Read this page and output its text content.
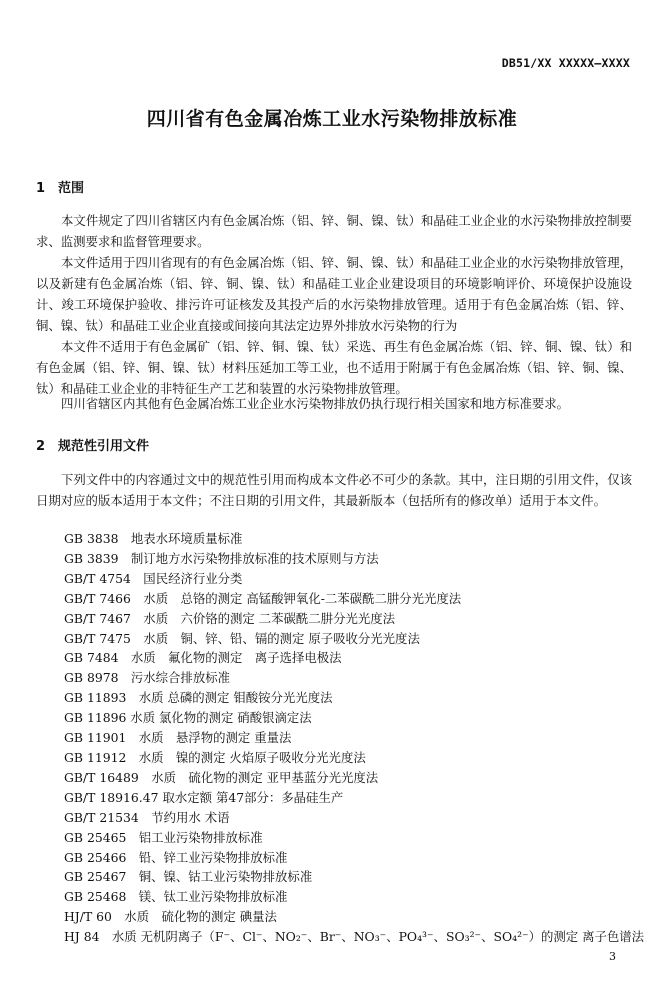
DB51/XX XXXXX—XXXX
四川省有色金属冶炼工业水污染物排放标准
1 范围
本文件规定了四川省辖区内有色金属冶炼（铝、锌、铜、镍、钛）和晶硅工业企业的水污染物排放控制要求、监测要求和监督管理要求。
本文件适用于四川省现有的有色金属冶炼（铝、锌、铜、镍、钛）和晶硅工业企业的水污染物排放管理，以及新建有色金属冶炼（铝、锌、铜、镍、钛）和晶硅工业企业建设项目的环境影响评价、环境保护设施设计、竣工环境保护验收、排污许可证核发及其投产后的水污染物排放管理。适用于有色金属冶炼（铝、锌、铜、镍、钛）和晶硅工业企业直接或间接向其法定边界外排放水污染物的行为
本文件不适用于有色金属矿（铝、锌、铜、镍、钛）采选、再生有色金属冶炼（铝、锌、铜、镍、钛）和有色金属（铝、锌、铜、镍、钛）材料压延加工等工业，也不适用于附属于有色金属冶炼（铝、锌、铜、镍、钛）和晶硅工业企业的非特征生产工艺和装置的水污染物排放管理。
四川省辖区内其他有色金属冶炼工业企业水污染物排放仍执行现行相关国家和地方标准要求。
2 规范性引用文件
下列文件中的内容通过文中的规范性引用而构成本文件必不可少的条款。其中，注日期的引用文件，仅该日期对应的版本适用于本文件；不注日期的引用文件，其最新版本（包括所有的修改单）适用于本文件。
GB 3838　地表水环境质量标准
GB 3839　制订地方水污染物排放标准的技术原则与方法
GB/T 4754　国民经济行业分类
GB/T 7466　水质　总铬的测定 高锰酸钾氧化-二苯碳酰二肼分光光度法
GB/T 7467　水质　六价铬的测定 二苯碳酰二肼分光光度法
GB/T 7475　水质　铜、锌、铅、镉的测定 原子吸收分光光度法
GB 7484　水质　氟化物的测定　离子选择电极法
GB 8978　污水综合排放标准
GB 11893　水质 总磷的测定 钼酸铵分光光度法
GB 11896 水质 氯化物的测定 硝酸银滴定法
GB 11901　水质　悬浮物的测定 重量法
GB 11912　水质　镍的测定 火焰原子吸收分光光度法
GB/T 16489　水质　硫化物的测定 亚甲基蓝分光光度法
GB/T 18916.47 取水定额 第47部分：多晶硅生产
GB/T 21534　节约用水 术语
GB 25465　铝工业污染物排放标准
GB 25466　铅、锌工业污染物排放标准
GB 25467　铜、镍、钴工业污染物排放标准
GB 25468　镁、钛工业污染物排放标准
HJ/T 60　水质　硫化物的测定 碘量法
HJ 84　水质 无机阴离子（F⁻、Cl⁻、NO₂⁻、Br⁻、NO₃⁻、PO₄³⁻、SO₃²⁻、SO₄²⁻）的测定 离子色谱法
3
